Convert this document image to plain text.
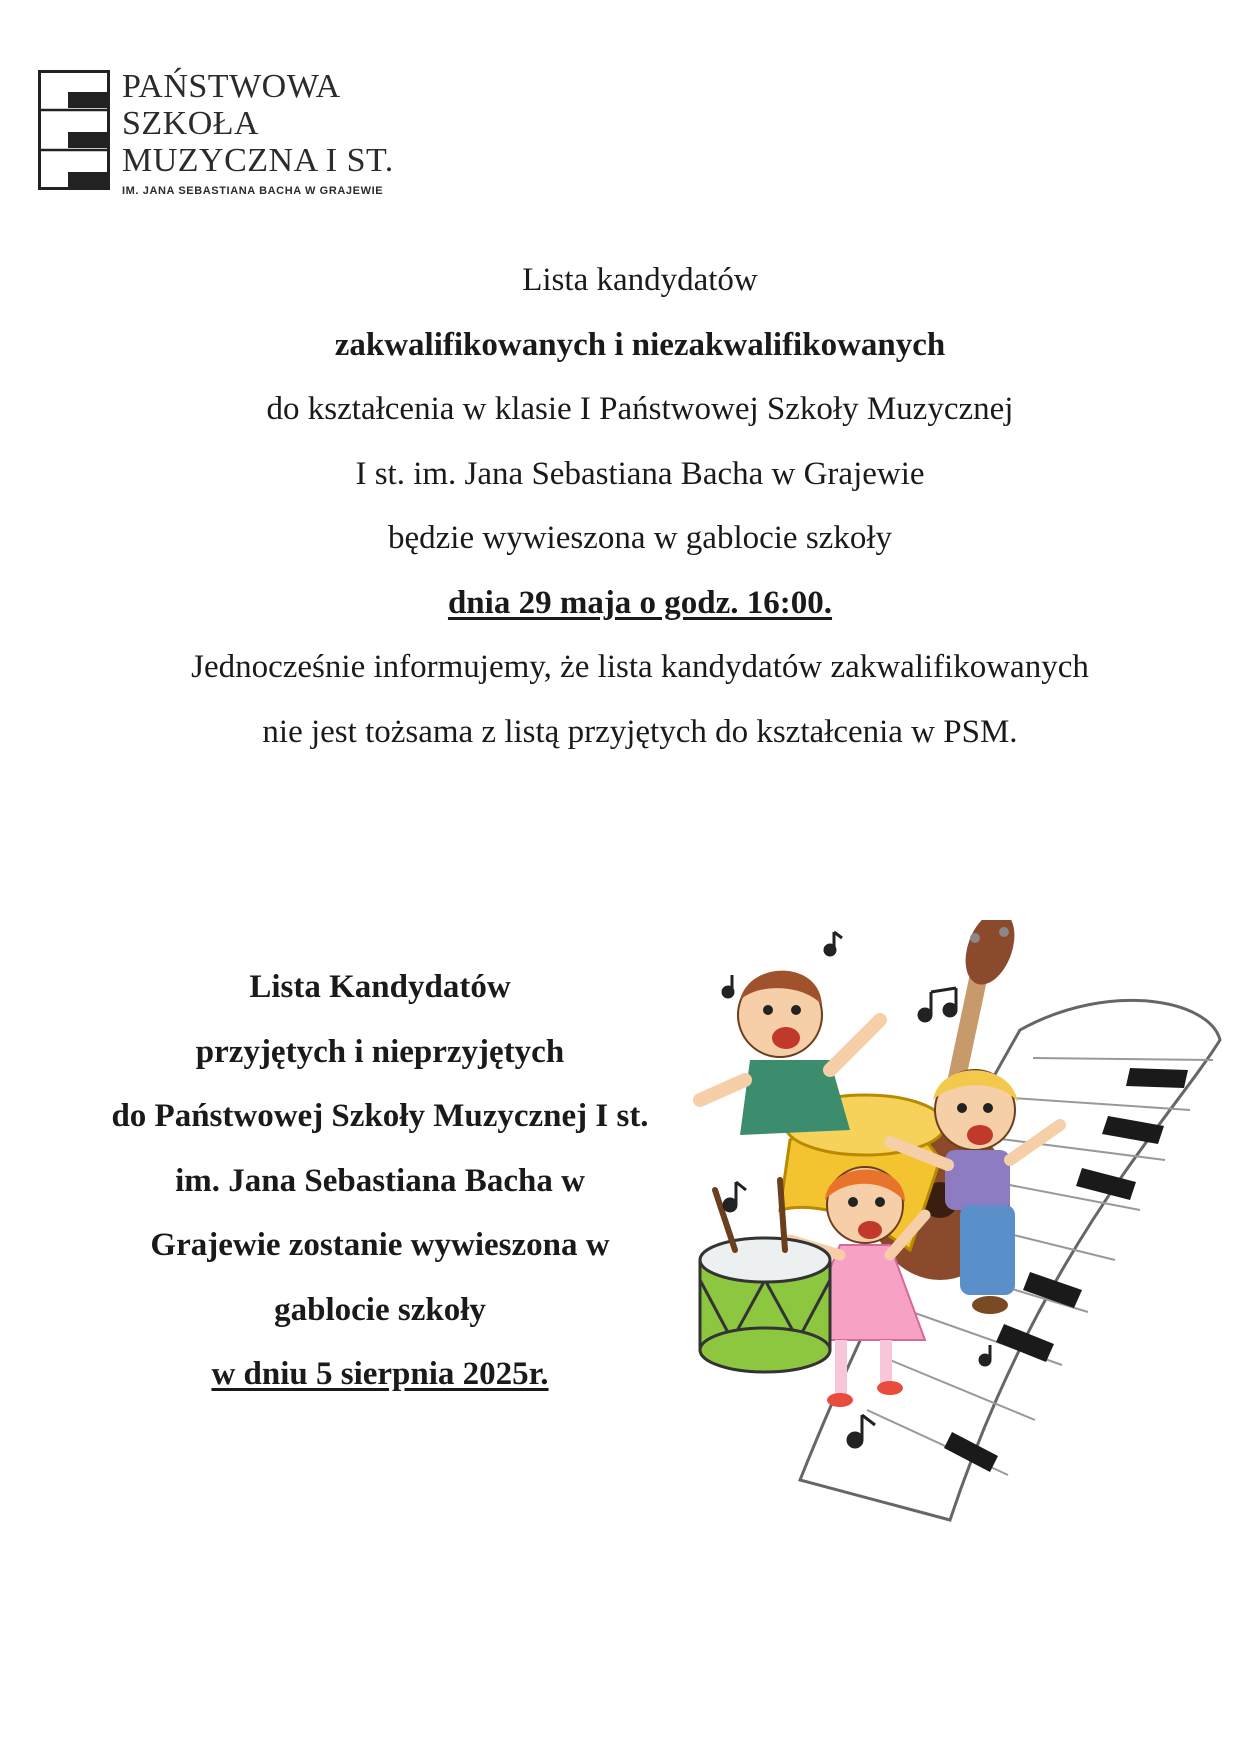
PAŃSTWOWA
SZKOŁA
MUZYCZNA I ST.
IM. JANA SEBASTIANA BACHA W GRAJEWIE

Lista kandydatów

zakwalifikowanych i niezakwalifikowanych

do kształcenia w klasie I Państwowej Szkoły Muzycznej

I st. im. Jana Sebastiana Bacha w Grajewie

będzie wywieszona w gablocie szkoły

dnia 29 maja o godz. 16:00.

Jednocześnie informujemy, że lista kandydatów zakwalifikowanych

nie jest tożsama z listą przyjętych do kształcenia w PSM.

Lista Kandydatów

przyjętych i nieprzyjętych

do Państwowej Szkoły Muzycznej I st.

im. Jana Sebastiana Bacha w

Grajewie zostanie wywieszona w

gablocie szkoły

w dniu 5 sierpnia 2025r.
